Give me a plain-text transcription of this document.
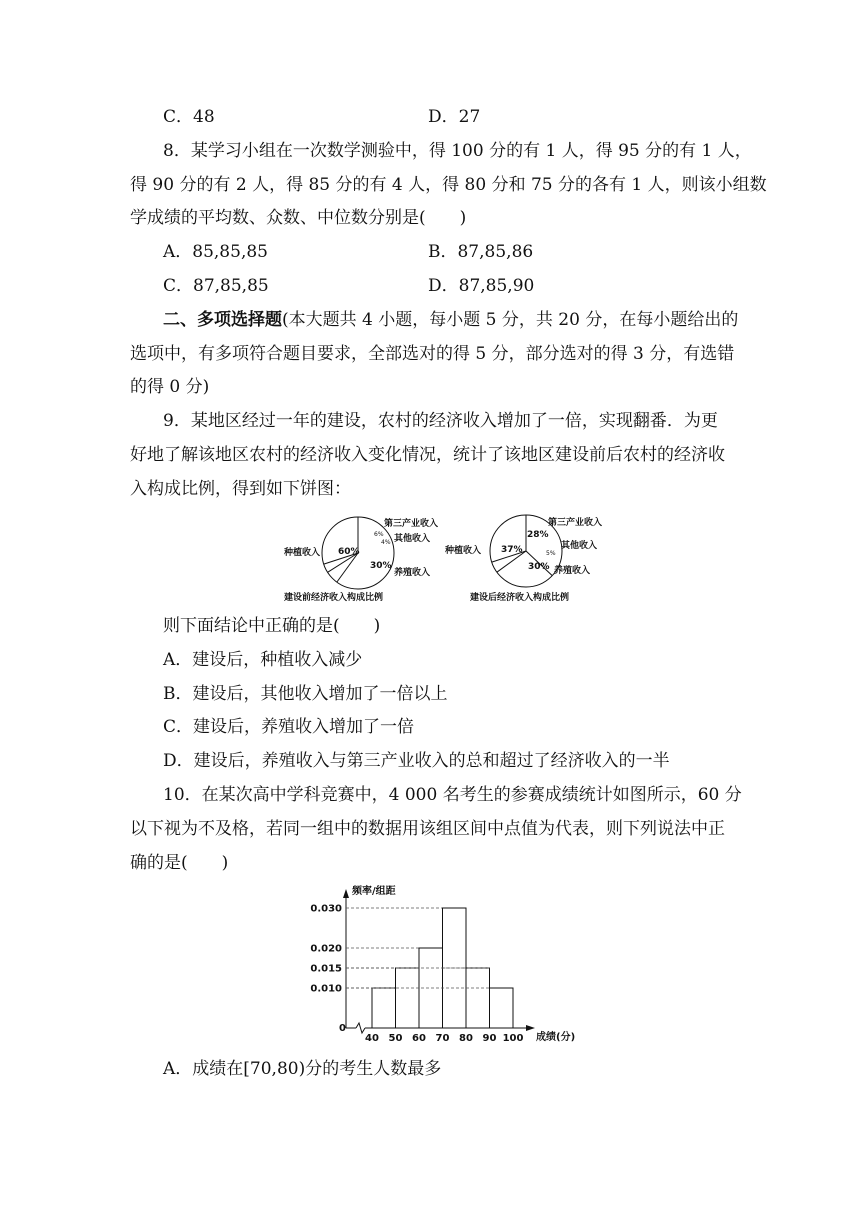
C．48	D．27
8．某学习小组在一次数学测验中，得 100 分的有 1 人，得 95 分的有 1 人，
得 90 分的有 2 人，得 85 分的有 4 人，得 80 分和 75 分的各有 1 人，则该小组数
学成绩的平均数、众数、中位数分别是(　　)
A．85,85,85	B．87,85,86
C．87,85,85	D．87,85,90
二、多项选择题(本大题共 4 小题，每小题 5 分，共 20 分，在每小题给出的
选项中，有多项符合题目要求，全部选对的得 5 分，部分选对的得 3 分，有选错
的得 0 分)
9．某地区经过一年的建设，农村的经济收入增加了一倍，实现翻番．为更
好地了解该地区农村的经济收入变化情况，统计了该地区建设前后农村的经济收
入构成比例，得到如下饼图：
种植收入 60%
6%
4%
30%
第三产业收入
其他收入
养殖收入
建设前经济收入构成比例
种植收入 37%
28%
5%
30%
第三产业收入
其他收入
养殖收入
建设后经济收入构成比例
则下面结论中正确的是(　　)
A．建设后，种植收入减少
B．建设后，其他收入增加了一倍以上
C．建设后，养殖收入增加了一倍
D．建设后，养殖收入与第三产业收入的总和超过了经济收入的一半
10．在某次高中学科竞赛中，4 000 名考生的参赛成绩统计如图所示，60 分
以下视为不及格，若同一组中的数据用该组区间中点值为代表，则下列说法中正
确的是(　　)
频率/组距
成绩(分)
0
0.010
0.015
0.020
0.030
40 50 60 70 80 90 100
A．成绩在[70,80)分的考生人数最多
